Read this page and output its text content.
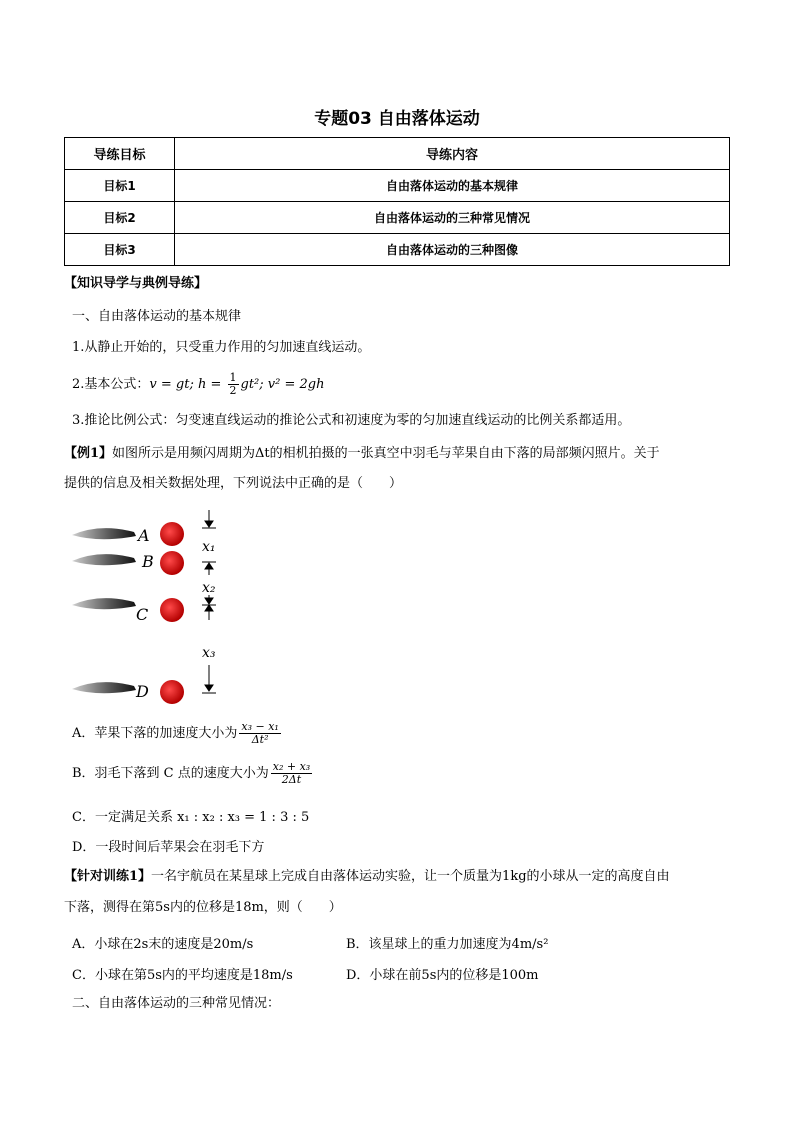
专题03 自由落体运动
导练目标	导练内容
目标1	自由落体运动的基本规律
目标2	自由落体运动的三种常见情况
目标3	自由落体运动的三种图像
【知识导学与典例导练】
一、自由落体运动的基本规律
1.从静止开始的，只受重力作用的匀加速直线运动。
2.基本公式：v = gt; $h = \frac{1}{2} gt^2$; v² = 2gh
3.推论比例公式：匀变速直线运动的推论公式和初速度为零的匀加速直线运动的比例关系都适用。
【例1】如图所示是用频闪周期为Δt的相机拍摄的一张真空中羽毛与苹果自由下落的局部频闪照片。关于
提供的信息及相关数据处理，下列说法中正确的是（　　）
A
B
C
D
x₁
x₂
x₃
A．苹果下落的加速度大小为 $\frac{\text{x₃ − x₁}}{\text{Δt²}}$
B．羽毛下落到 C 点的速度大小为 $\frac{\text{x₂ + x₃}}{2\Delta t}$
C．一定满足关系 x₁ : x₂ : x₃ = 1 : 3 : 5
D．一段时间后苹果会在羽毛下方
【针对训练1】一名宇航员在某星球上完成自由落体运动实验，让一个质量为1kg的小球从一定的高度自由
下落，测得在第5s内的位移是18m，则（　　）
A．小球在2s末的速度是20m/s	B．该星球上的重力加速度为4m/s²
C．小球在第5s内的平均速度是18m/s	D．小球在前5s内的位移是100m
二、自由落体运动的三种常见情况：
